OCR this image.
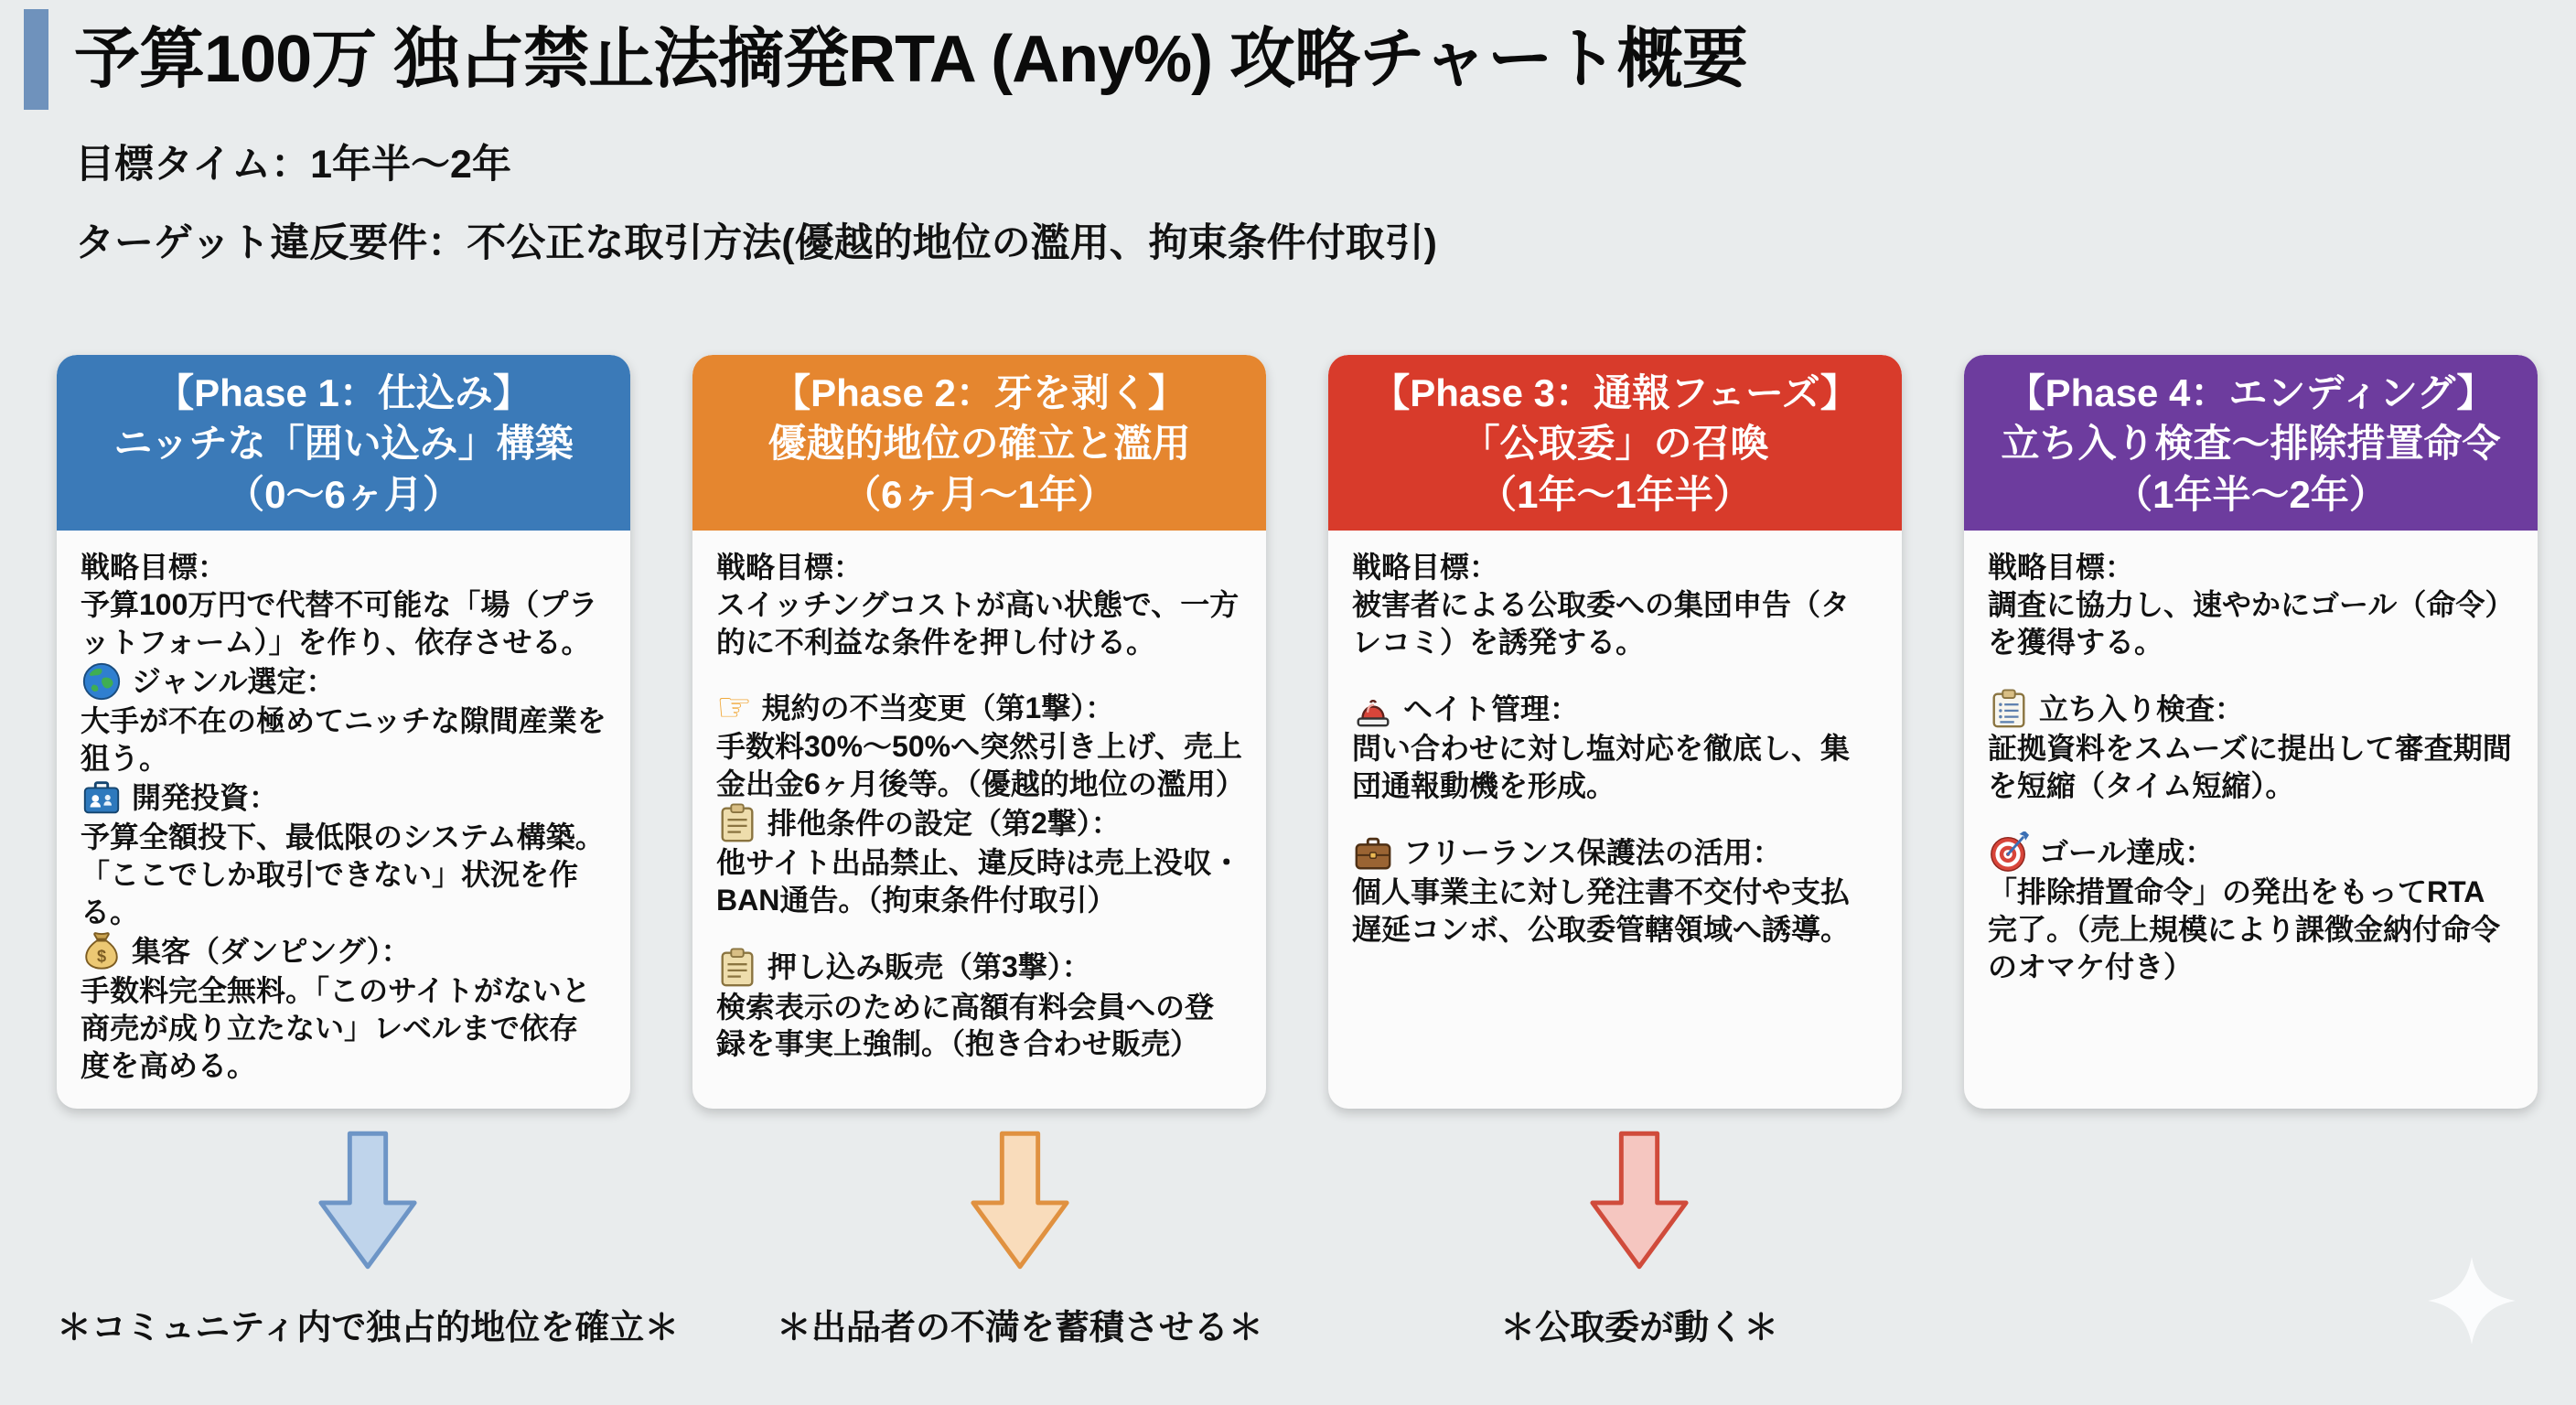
予算100万 独占禁止法摘発RTA (Any%) 攻略チャート概要
目標タイム：1年半〜2年
ターゲット違反要件：不公正な取引方法(優越的地位の濫用、拘束条件付取引)
【Phase 1：仕込み】
ニッチな「囲い込み」構築
（0〜6ヶ月）
戦略目標：
予算100万円で代替不可能な「場（プラットフォーム）」を作り、依存させる。
ジャンル選定：
大手が不在の極めてニッチな隙間産業を狙う。
開発投資：
予算全額投下、最低限のシステム構築。「ここでしか取引できない」状況を作る。
$ 集客（ダンピング）：
手数料完全無料。「このサイトがないと商売が成り立たない」レベルまで依存度を高める。
【Phase 2：牙を剥く】
優越的地位の確立と濫用
（6ヶ月〜1年）
戦略目標：
スイッチングコストが高い状態で、一方的に不利益な条件を押し付ける。
☞ 規約の不当変更（第1撃）：
手数料30%〜50%へ突然引き上げ、売上金出金6ヶ月後等。（優越的地位の濫用）
排他条件の設定（第2撃）：
他サイト出品禁止、違反時は売上没収・BAN通告。（拘束条件付取引）
押し込み販売（第3撃）：
検索表示のために高額有料会員への登録を事実上強制。（抱き合わせ販売）
【Phase 3：通報フェーズ】
「公取委」の召喚
（1年〜1年半）
戦略目標：
被害者による公取委への集団申告（タレコミ）を誘発する。
ヘイト管理：
問い合わせに対し塩対応を徹底し、集団通報動機を形成。
フリーランス保護法の活用：
個人事業主に対し発注書不交付や支払遅延コンボ、公取委管轄領域へ誘導。
【Phase 4：エンディング】
立ち入り検査〜排除措置命令
（1年半〜2年）
戦略目標：
調査に協力し、速やかにゴール（命令）を獲得する。
立ち入り検査：
証拠資料をスムーズに提出して審査期間を短縮（タイム短縮）。
ゴール達成：
「排除措置命令」の発出をもってRTA完了。（売上規模により課徴金納付命令のオマケ付き）
＊コミュニティ内で独占的地位を確立＊	＊出品者の不満を蓄積させる＊	＊公取委が動く＊
